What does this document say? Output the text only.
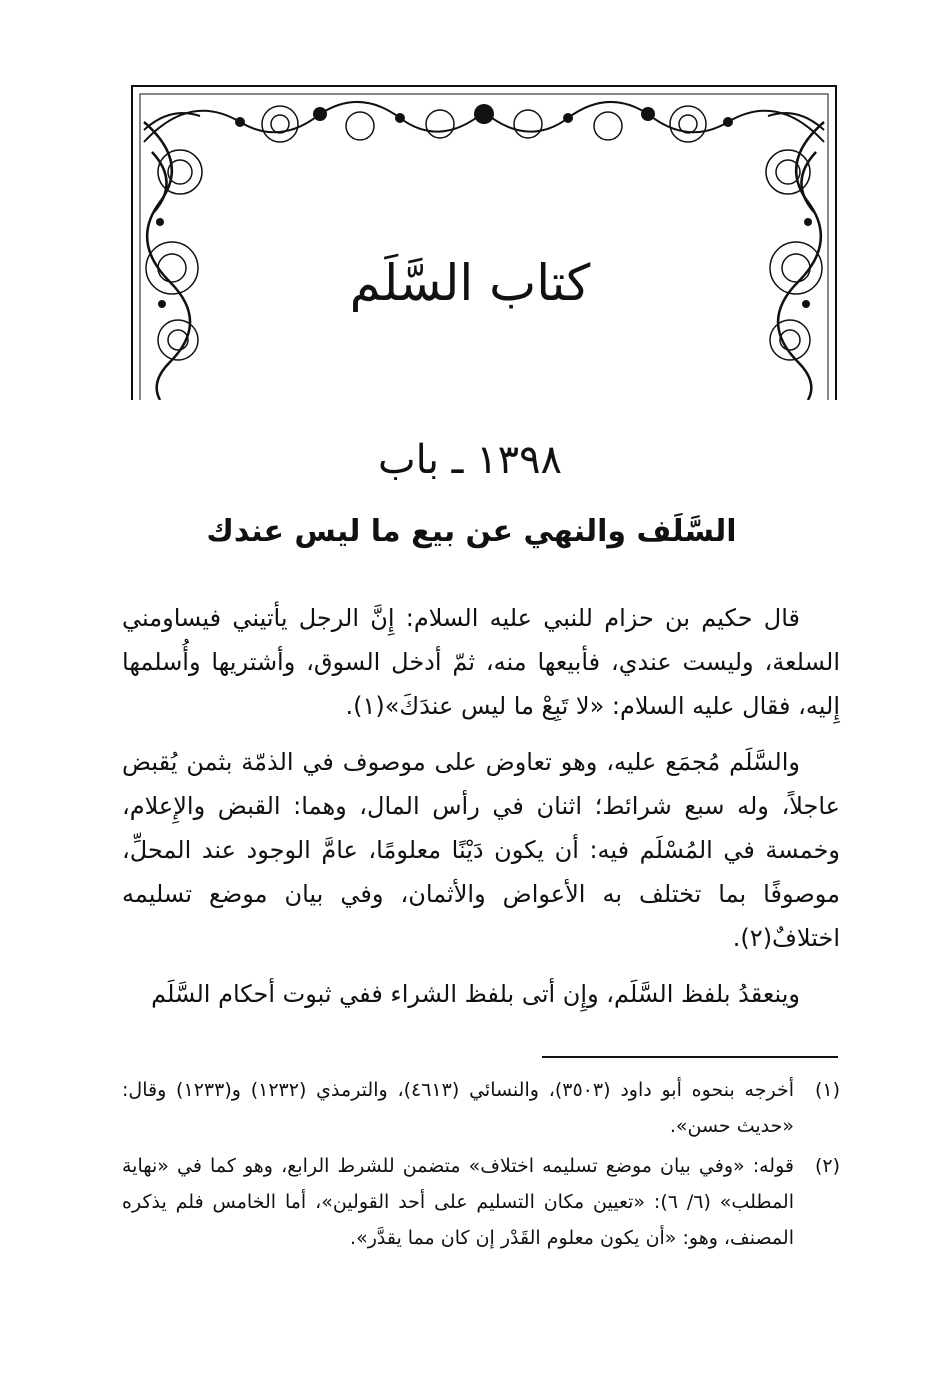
كتاب السَّلَم
١٣٩٨ ـ باب
السَّلَف والنهي عن بيع ما ليس عندك

قال حكيم بن حزام للنبي عليه السلام: إِنَّ الرجل يأتيني فيساومني السلعة، وليست عندي، فأبيعها منه، ثمّ أدخل السوق، وأشتريها وأُسلمها إِليه، فقال عليه السلام: «لا تَبِعْ ما ليس عندَكَ»(١).

والسَّلَم مُجمَع عليه، وهو تعاوض على موصوف في الذمّة بثمن يُقبض عاجلاً، وله سبع شرائط؛ اثنان في رأس المال، وهما: القبض والإِعلام، وخمسة في المُسْلَم فيه: أن يكون دَيْنًا معلومًا، عامَّ الوجود عند المحلِّ، موصوفًا بما تختلف به الأعواض والأثمان، وفي بيان موضع تسليمه اختلافٌ(٢).

وينعقدُ بلفظ السَّلَم، وإِن أتى بلفظ الشراء ففي ثبوت أحكام السَّلَم

(١)
أخرجه بنحوه أبو داود (٣٥٠٣)، والنسائي (٤٦١٣)، والترمذي (١٢٣٢) و(١٢٣٣) وقال: «حديث حسن».
(٢)
قوله: «وفي بيان موضع تسليمه اختلاف» متضمن للشرط الرابع، وهو كما في «نهاية المطلب» (٦/ ٦): «تعيين مكان التسليم على أحد القولين»، أما الخامس فلم يذكره المصنف، وهو: «أن يكون معلوم القَدْر إن كان مما يقدَّر».
